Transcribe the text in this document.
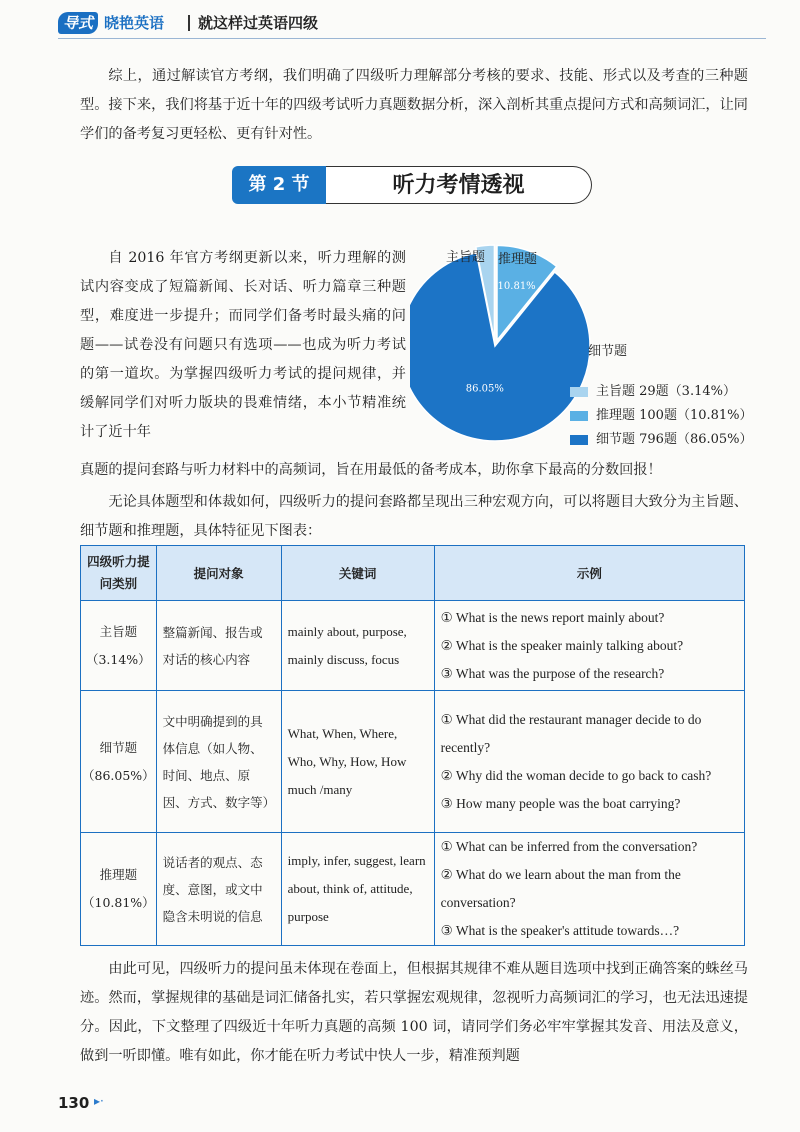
导式 晓艳英语 就这样过英语四级
综上，通过解读官方考纲，我们明确了四级听力理解部分考核的要求、技能、形式以及考查的三种题型。接下来，我们将基于近十年的四级考试听力真题数据分析，深入剖析其重点提问方式和高频词汇，让同学们的备考复习更轻松、更有针对性。
第 2 节	听力考情透视
自 2016 年官方考纲更新以来，听力理解的测试内容变成了短篇新闻、长对话、听力篇章三种题型，难度进一步提升；而同学们备考时最头痛的问题——试卷没有问题只有选项——也成为听力考试的第一道坎。为掌握四级听力考试的提问规律，并缓解同学们对听力版块的畏难情绪，本小节精准统计了近十年
真题的提问套路与听力材料中的高频词，旨在用最低的备考成本，助你拿下最高的分数回报！
无论具体题型和体裁如何，四级听力的提问套路都呈现出三种宏观方向，可以将题目大致分为主旨题、细节题和推理题，具体特征见下图表：
10.81%
86.05%
主旨题 推理题
细节题
主旨题 29题（3.14%）
推理题 100题（10.81%）
细节题 796题（86.05%）
四级听力提问类别	提问对象	关键词	示例
主旨题（3.14%）	整篇新闻、报告或对话的核心内容	mainly about, purpose, mainly discuss, focus	① What is the news report mainly about?
② What is the speaker mainly talking about?
③ What was the purpose of the research?

细节题（86.05%）	文中明确提到的具体信息（如人物、时间、地点、原因、方式、数字等）	What, When, Where, Who, Why, How, How much /many	① What did the restaurant manager decide to do recently?
② Why did the woman decide to go back to cash?
③ How many people was the boat carrying?

推理题（10.81%）	说话者的观点、态度、意图，或文中隐含未明说的信息	imply, infer, suggest, learn about, think of, attitude, purpose	① What can be inferred from the conversation?
② What do we learn about the man from the conversation?
③ What is the speaker's attitude towards…?
由此可见，四级听力的提问虽未体现在卷面上，但根据其规律不难从题目选项中找到正确答案的蛛丝马迹。然而，掌握规律的基础是词汇储备扎实，若只掌握宏观规律，忽视听力高频词汇的学习，也无法迅速提分。因此，下文整理了四级近十年听力真题的高频 100 词，请同学们务必牢牢掌握其发音、用法及意义，做到一听即懂。唯有如此，你才能在听力考试中快人一步，精准预判题
130 ▸·
